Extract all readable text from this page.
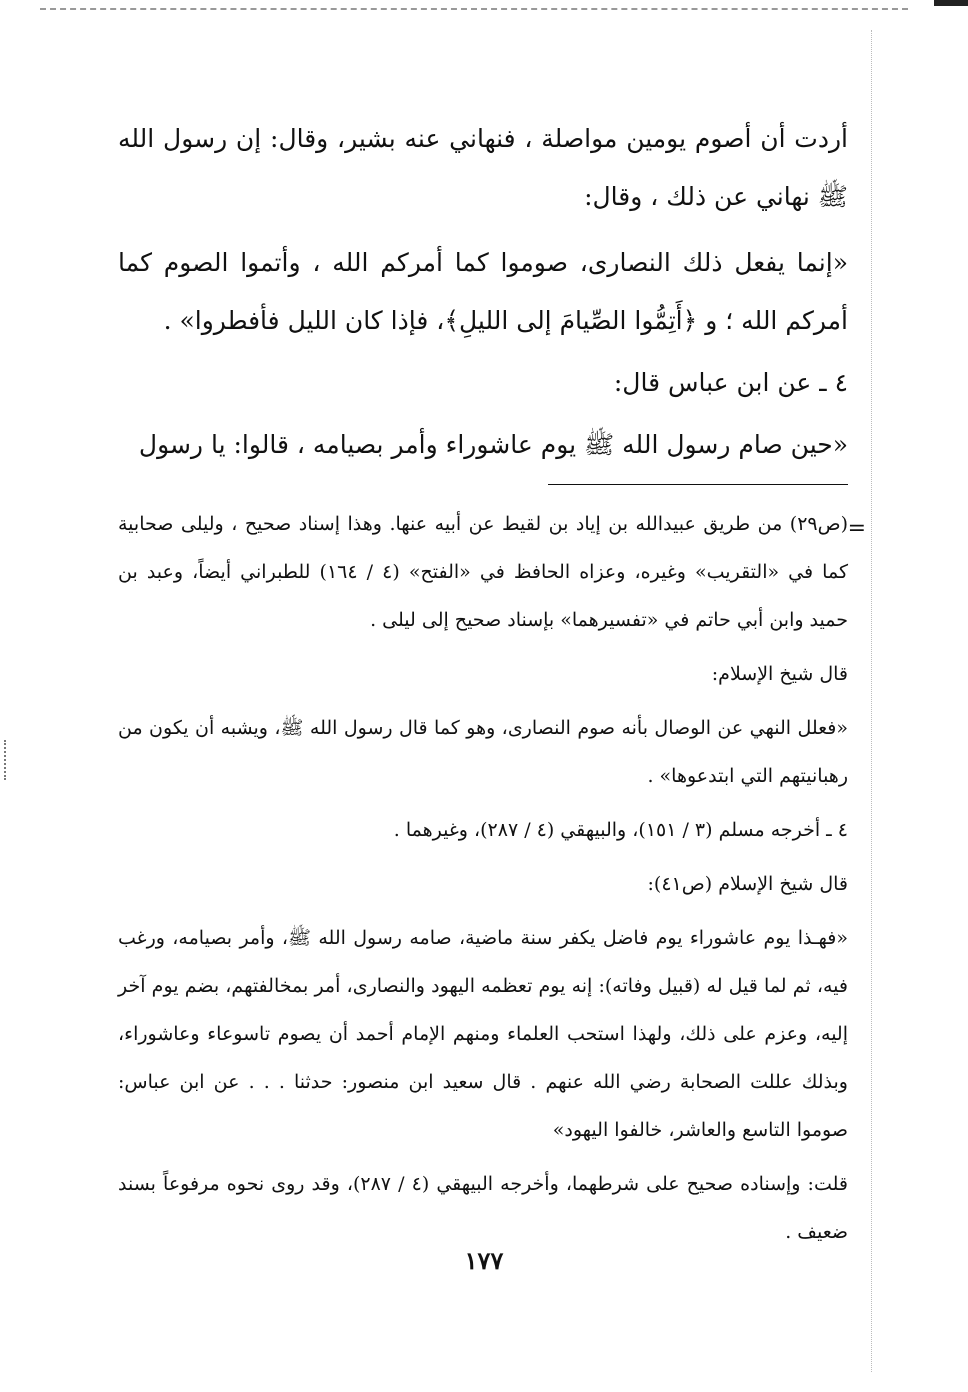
أردت أن أصوم يومين مواصلة ، فنهاني عنه بشير، وقال: إن رسول الله ﷺ نهاني عن ذلك ، وقال:

«إنما يفعل ذلك النصارى، صوموا كما أمركم الله ، وأتموا الصوم كما أمركم الله ؛ و ﴿أَتِمُّوا الصِّيامَ إلى الليلِ﴾، فإذا كان الليل فأفطروا» .

٤ ـ عن ابن عباس قال:

«حين صام رسول الله ﷺ يوم عاشوراء وأمر بصيامه ، قالوا: يا رسول

=

(ص٢٩) من طريق عبيدالله بن إياد بن لقيط عن أبيه عنها. وهذا إسناد صحيح ، وليلى صحابية كما في «التقريب» وغيره، وعزاه الحافظ في «الفتح» (٤ / ١٦٤) للطبراني أيضاً، وعبد بن حميد وابن أبي حاتم في «تفسيرهما» بإسناد صحيح إلى ليلى .

قال شيخ الإسلام:

«فعلل النهي عن الوصال بأنه صوم النصارى، وهو كما قال رسول الله ﷺ، ويشبه أن يكون من رهبانيتهم التي ابتدعوها» .

٤ ـ أخرجه مسلم (٣ / ١٥١)، والبيهقي (٤ / ٢٨٧)، وغيرهما .

قال شيخ الإسلام (ص٤١):

«فهـذا يوم عاشوراء يوم فاضل يكفر سنة ماضية، صامه رسول الله ﷺ، وأمر بصيامه، ورغب فيه، ثم لما قيل له (قبيل وفاته): إنه يوم تعظمه اليهود والنصارى، أمر بمخالفتهم، بضم يوم آخر إليه، وعزم على ذلك، ولهذا استحب العلماء ومنهم الإمام أحمد أن يصوم تاسوعاء وعاشوراء، وبذلك عللت الصحابة رضي الله عنهم . قال سعيد ابن منصور: حدثنا . . . عن ابن عباس: صوموا التاسع والعاشر، خالفوا اليهود»

قلت: وإسناده صحيح على شرطهما، وأخرجه البيهقي (٤ / ٢٨٧)، وقد روى نحوه مرفوعاً بسند ضعيف .

١٧٧
